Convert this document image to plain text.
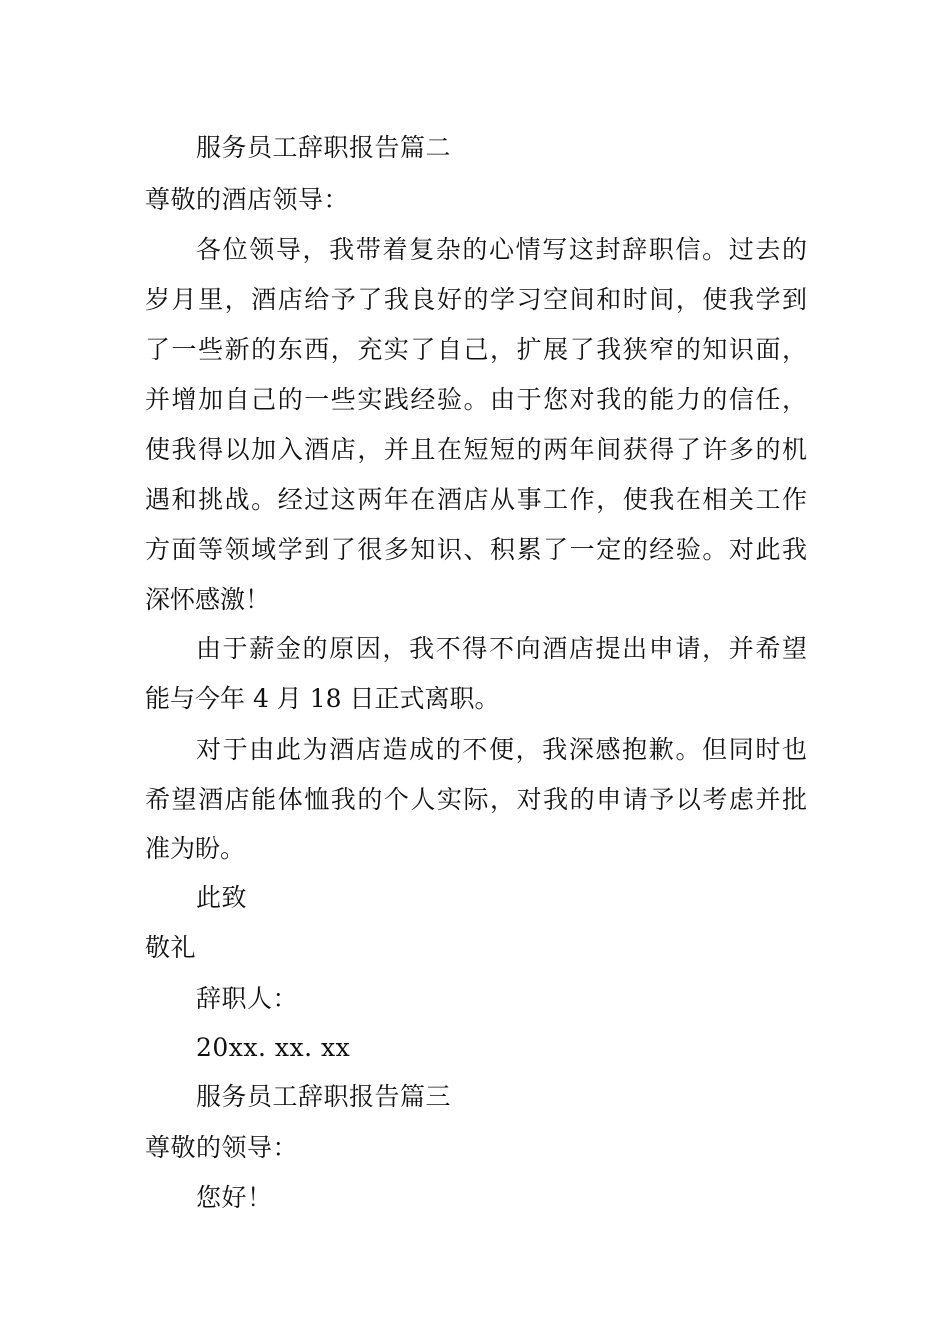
服务员工辞职报告篇二
尊敬的酒店领导：
各位领导，我带着复杂的心情写这封辞职信。过去的
岁月里，酒店给予了我良好的学习空间和时间，使我学到
了一些新的东西，充实了自己，扩展了我狭窄的知识面，
并增加自己的一些实践经验。由于您对我的能力的信任，
使我得以加入酒店，并且在短短的两年间获得了许多的机
遇和挑战。经过这两年在酒店从事工作，使我在相关工作
方面等领域学到了很多知识、积累了一定的经验。对此我
深怀感激！
由于薪金的原因，我不得不向酒店提出申请，并希望
能与今年 4 月 18 日正式离职。
对于由此为酒店造成的不便，我深感抱歉。但同时也
希望酒店能体恤我的个人实际，对我的申请予以考虑并批
准为盼。
此致
敬礼
辞职人：
20xx. xx. xx
服务员工辞职报告篇三
尊敬的领导：
您好！
